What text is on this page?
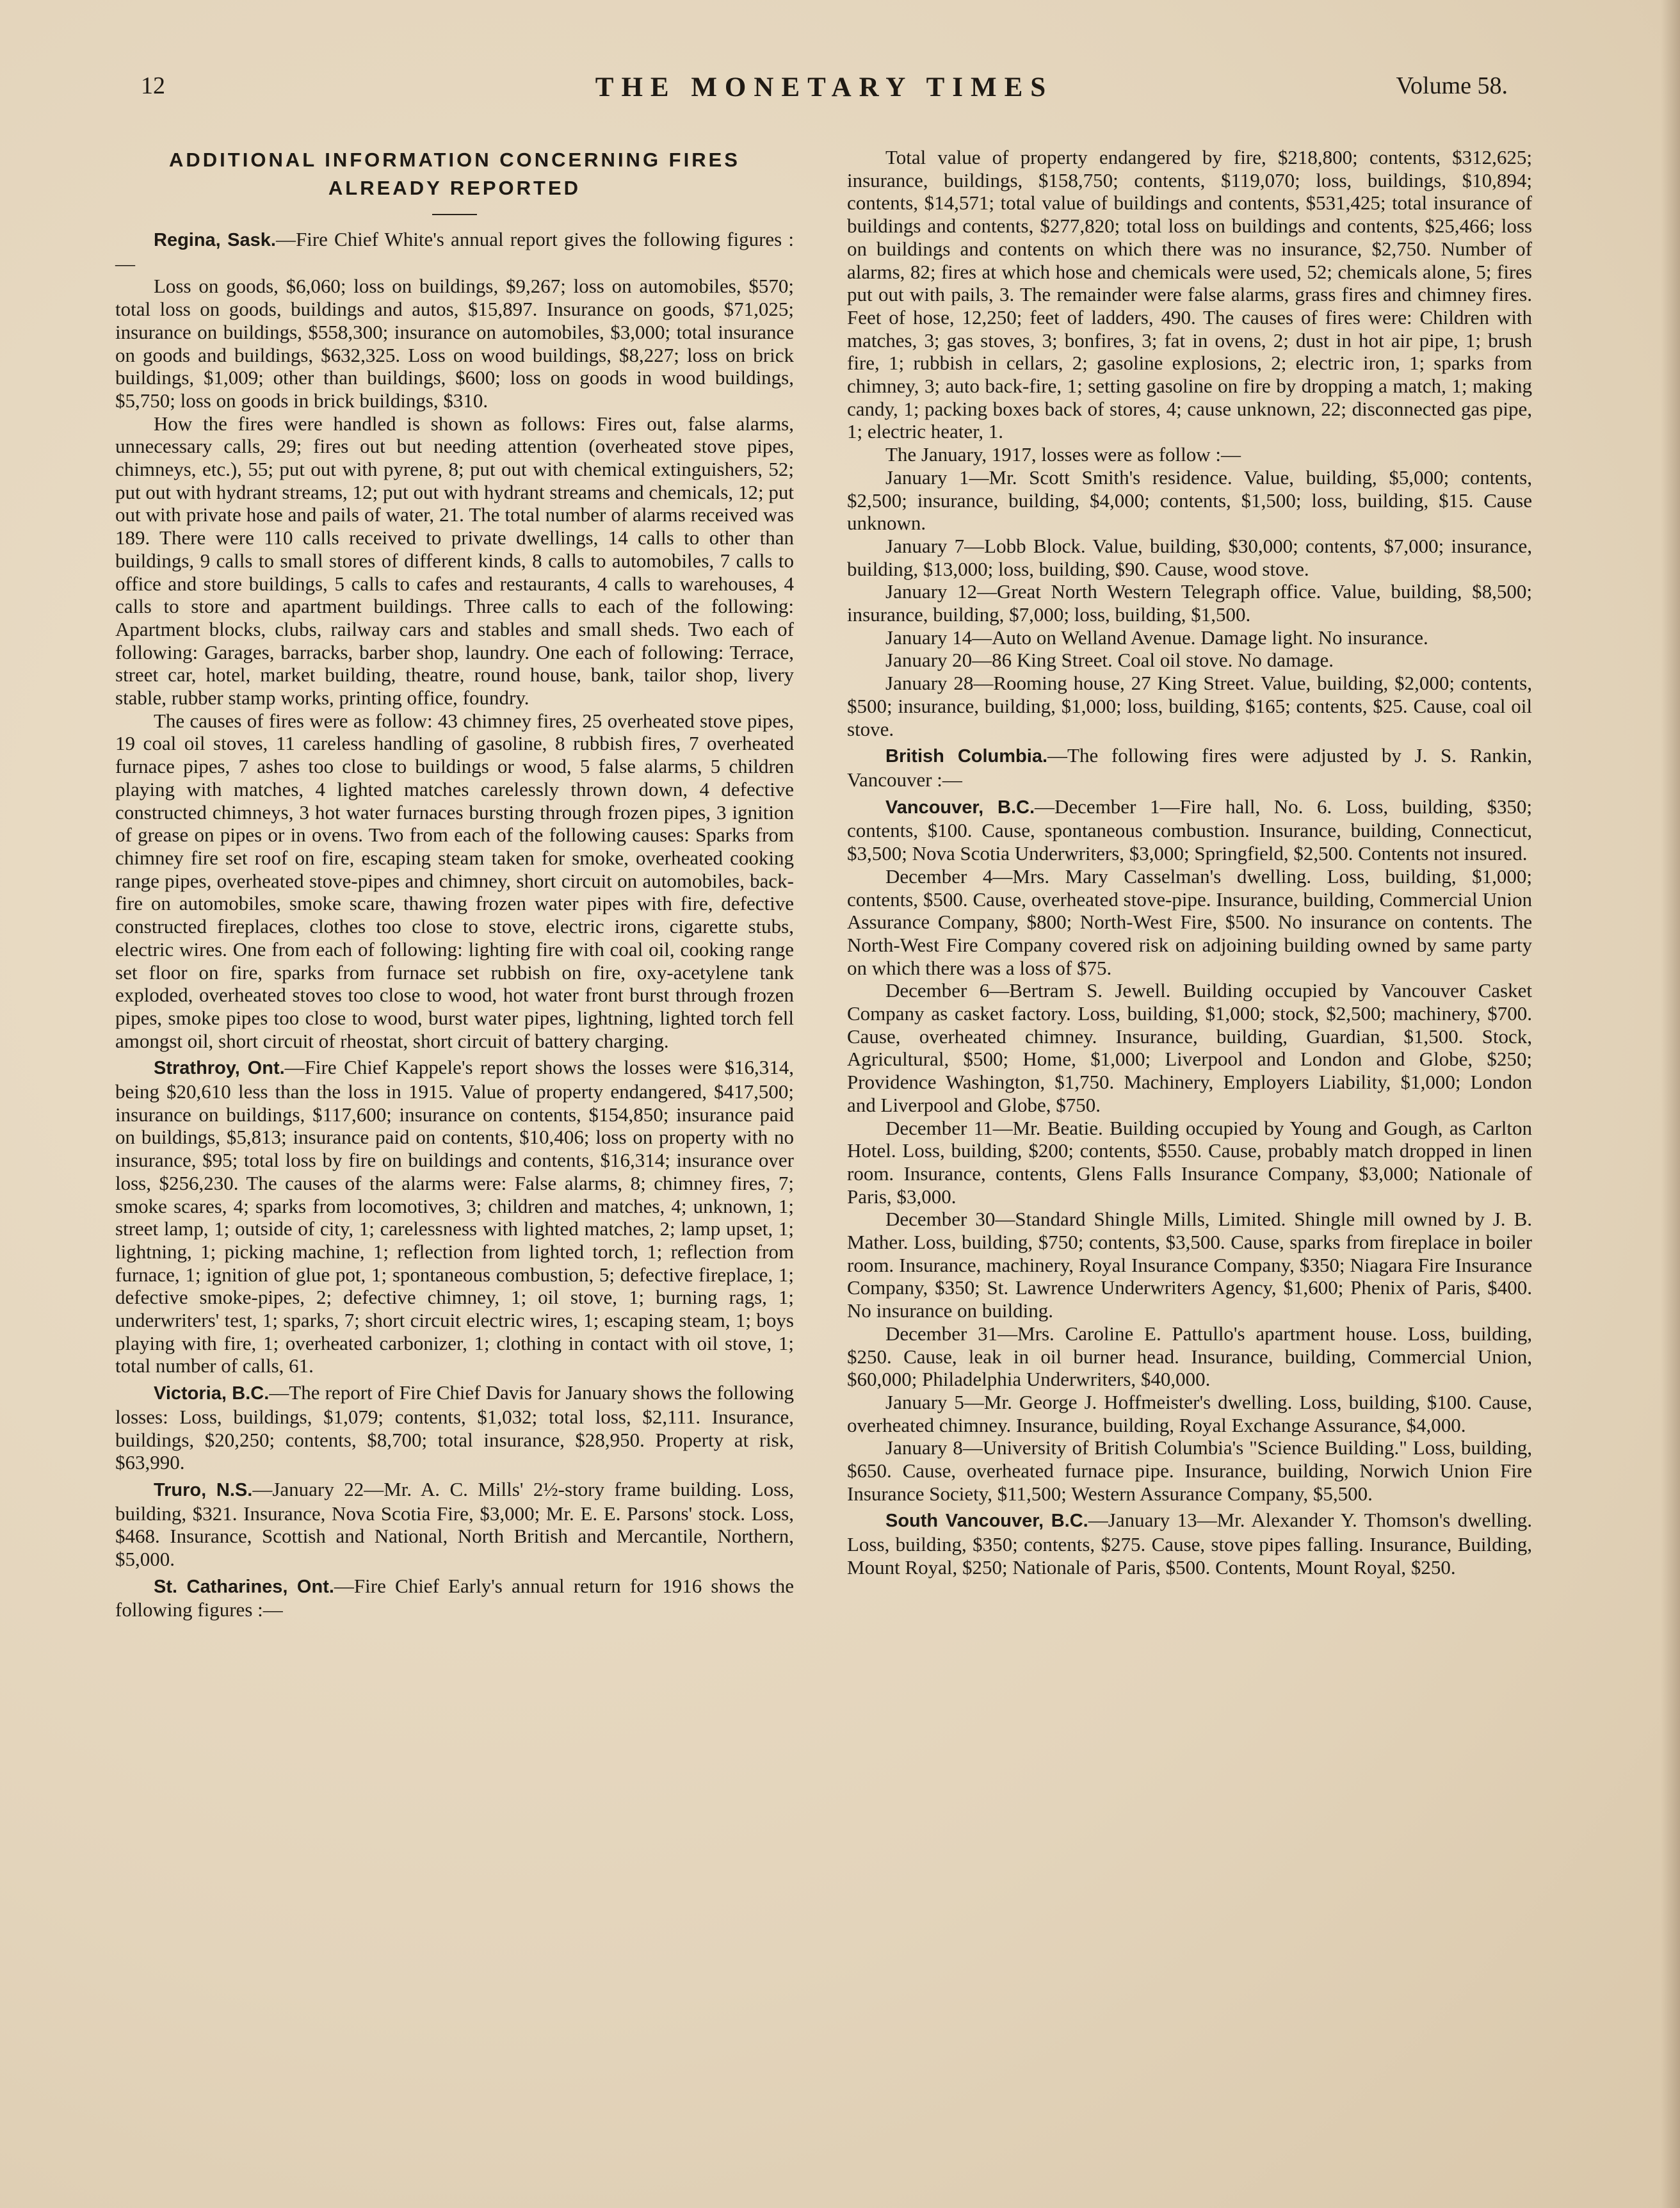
12	THE MONETARY TIMES	Volume 58.
ADDITIONAL INFORMATION CONCERNING FIRES
ALREADY REPORTED

Regina, Sask.—Fire Chief White's annual report gives the following figures :—

Loss on goods, $6,060; loss on buildings, $9,267; loss on automobiles, $570; total loss on goods, buildings and autos, $15,897. Insurance on goods, $71,025; insurance on buildings, $558,300; insurance on automobiles, $3,000; total insurance on goods and buildings, $632,325. Loss on wood buildings, $8,227; loss on brick buildings, $1,009; other than buildings, $600; loss on goods in wood buildings, $5,750; loss on goods in brick buildings, $310.

How the fires were handled is shown as follows: Fires out, false alarms, unnecessary calls, 29; fires out but needing attention (overheated stove pipes, chimneys, etc.), 55; put out with pyrene, 8; put out with chemical extinguishers, 52; put out with hydrant streams, 12; put out with hydrant streams and chemicals, 12; put out with private hose and pails of water, 21. The total number of alarms received was 189. There were 110 calls received to private dwellings, 14 calls to other than buildings, 9 calls to small stores of different kinds, 8 calls to automobiles, 7 calls to office and store buildings, 5 calls to cafes and restaurants, 4 calls to warehouses, 4 calls to store and apartment buildings. Three calls to each of the following: Apartment blocks, clubs, railway cars and stables and small sheds. Two each of following: Garages, barracks, barber shop, laundry. One each of following: Terrace, street car, hotel, market building, theatre, round house, bank, tailor shop, livery stable, rubber stamp works, printing office, foundry.

The causes of fires were as follow: 43 chimney fires, 25 overheated stove pipes, 19 coal oil stoves, 11 careless handling of gasoline, 8 rubbish fires, 7 overheated furnace pipes, 7 ashes too close to buildings or wood, 5 false alarms, 5 children playing with matches, 4 lighted matches carelessly thrown down, 4 defective constructed chimneys, 3 hot water furnaces bursting through frozen pipes, 3 ignition of grease on pipes or in ovens. Two from each of the following causes: Sparks from chimney fire set roof on fire, escaping steam taken for smoke, overheated cooking range pipes, overheated stove-pipes and chimney, short circuit on automobiles, back-fire on automobiles, smoke scare, thawing frozen water pipes with fire, defective constructed fireplaces, clothes too close to stove, electric irons, cigarette stubs, electric wires. One from each of following: lighting fire with coal oil, cooking range set floor on fire, sparks from furnace set rubbish on fire, oxy-acetylene tank exploded, overheated stoves too close to wood, hot water front burst through frozen pipes, smoke pipes too close to wood, burst water pipes, lightning, lighted torch fell amongst oil, short circuit of rheostat, short circuit of battery charging.

Strathroy, Ont.—Fire Chief Kappele's report shows the losses were $16,314, being $20,610 less than the loss in 1915. Value of property endangered, $417,500; insurance on buildings, $117,600; insurance on contents, $154,850; insurance paid on buildings, $5,813; insurance paid on contents, $10,406; loss on property with no insurance, $95; total loss by fire on buildings and contents, $16,314; insurance over loss, $256,230. The causes of the alarms were: False alarms, 8; chimney fires, 7; smoke scares, 4; sparks from locomotives, 3; children and matches, 4; unknown, 1; street lamp, 1; outside of city, 1; carelessness with lighted matches, 2; lamp upset, 1; lightning, 1; picking machine, 1; reflection from lighted torch, 1; reflection from furnace, 1; ignition of glue pot, 1; spontaneous combustion, 5; defective fireplace, 1; defective smoke-pipes, 2; defective chimney, 1; oil stove, 1; burning rags, 1; underwriters' test, 1; sparks, 7; short circuit electric wires, 1; escaping steam, 1; boys playing with fire, 1; overheated carbonizer, 1; clothing in contact with oil stove, 1; total number of calls, 61.

Victoria, B.C.—The report of Fire Chief Davis for January shows the following losses: Loss, buildings, $1,079; contents, $1,032; total loss, $2,111. Insurance, buildings, $20,250; contents, $8,700; total insurance, $28,950. Property at risk, $63,990.

Truro, N.S.—January 22—Mr. A. C. Mills' 2½-story frame building. Loss, building, $321. Insurance, Nova Scotia Fire, $3,000; Mr. E. E. Parsons' stock. Loss, $468. Insurance, Scottish and National, North British and Mercantile, Northern, $5,000.

St. Catharines, Ont.—Fire Chief Early's annual return for 1916 shows the following figures :—

Total value of property endangered by fire, $218,800; contents, $312,625; insurance, buildings, $158,750; contents, $119,070; loss, buildings, $10,894; contents, $14,571; total value of buildings and contents, $531,425; total insurance of buildings and contents, $277,820; total loss on buildings and contents, $25,466; loss on buildings and contents on which there was no insurance, $2,750. Number of alarms, 82; fires at which hose and chemicals were used, 52; chemicals alone, 5; fires put out with pails, 3. The remainder were false alarms, grass fires and chimney fires. Feet of hose, 12,250; feet of ladders, 490. The causes of fires were: Children with matches, 3; gas stoves, 3; bonfires, 3; fat in ovens, 2; dust in hot air pipe, 1; brush fire, 1; rubbish in cellars, 2; gasoline explosions, 2; electric iron, 1; sparks from chimney, 3; auto back-fire, 1; setting gasoline on fire by dropping a match, 1; making candy, 1; packing boxes back of stores, 4; cause unknown, 22; disconnected gas pipe, 1; electric heater, 1.

The January, 1917, losses were as follow :—

January 1—Mr. Scott Smith's residence. Value, building, $5,000; contents, $2,500; insurance, building, $4,000; contents, $1,500; loss, building, $15. Cause unknown.

January 7—Lobb Block. Value, building, $30,000; contents, $7,000; insurance, building, $13,000; loss, building, $90. Cause, wood stove.

January 12—Great North Western Telegraph office. Value, building, $8,500; insurance, building, $7,000; loss, building, $1,500.

January 14—Auto on Welland Avenue. Damage light. No insurance.

January 20—86 King Street. Coal oil stove. No damage.

January 28—Rooming house, 27 King Street. Value, building, $2,000; contents, $500; insurance, building, $1,000; loss, building, $165; contents, $25. Cause, coal oil stove.

British Columbia.—The following fires were adjusted by J. S. Rankin, Vancouver :—

Vancouver, B.C.—December 1—Fire hall, No. 6. Loss, building, $350; contents, $100. Cause, spontaneous combustion. Insurance, building, Connecticut, $3,500; Nova Scotia Underwriters, $3,000; Springfield, $2,500. Contents not insured.

December 4—Mrs. Mary Casselman's dwelling. Loss, building, $1,000; contents, $500. Cause, overheated stove-pipe. Insurance, building, Commercial Union Assurance Company, $800; North-West Fire, $500. No insurance on contents. The North-West Fire Company covered risk on adjoining building owned by same party on which there was a loss of $75.

December 6—Bertram S. Jewell. Building occupied by Vancouver Casket Company as casket factory. Loss, building, $1,000; stock, $2,500; machinery, $700. Cause, overheated chimney. Insurance, building, Guardian, $1,500. Stock, Agricultural, $500; Home, $1,000; Liverpool and London and Globe, $250; Providence Washington, $1,750. Machinery, Employers Liability, $1,000; London and Liverpool and Globe, $750.

December 11—Mr. Beatie. Building occupied by Young and Gough, as Carlton Hotel. Loss, building, $200; contents, $550. Cause, probably match dropped in linen room. Insurance, contents, Glens Falls Insurance Company, $3,000; Nationale of Paris, $3,000.

December 30—Standard Shingle Mills, Limited. Shingle mill owned by J. B. Mather. Loss, building, $750; contents, $3,500. Cause, sparks from fireplace in boiler room. Insurance, machinery, Royal Insurance Company, $350; Niagara Fire Insurance Company, $350; St. Lawrence Underwriters Agency, $1,600; Phenix of Paris, $400. No insurance on building.

December 31—Mrs. Caroline E. Pattullo's apartment house. Loss, building, $250. Cause, leak in oil burner head. Insurance, building, Commercial Union, $60,000; Philadelphia Underwriters, $40,000.

January 5—Mr. George J. Hoffmeister's dwelling. Loss, building, $100. Cause, overheated chimney. Insurance, building, Royal Exchange Assurance, $4,000.

January 8—University of British Columbia's "Science Building." Loss, building, $650. Cause, overheated furnace pipe. Insurance, building, Norwich Union Fire Insurance Society, $11,500; Western Assurance Company, $5,500.

South Vancouver, B.C.—January 13—Mr. Alexander Y. Thomson's dwelling. Loss, building, $350; contents, $275. Cause, stove pipes falling. Insurance, Building, Mount Royal, $250; Nationale of Paris, $500. Contents, Mount Royal, $250.
